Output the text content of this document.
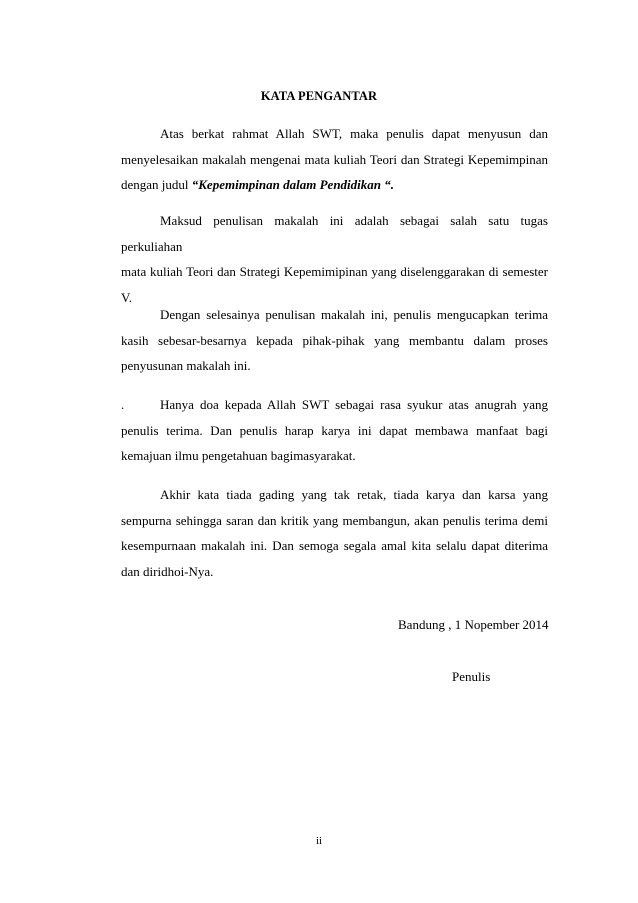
KATA PENGANTAR
Atas berkat rahmat Allah SWT, maka penulis dapat menyusun dan
menyelesaikan makalah mengenai mata kuliah Teori dan Strategi Kepemimpinan
dengan judul “Kepemimpinan dalam Pendidikan “.
Maksud penulisan makalah ini adalah sebagai salah satu tugas perkuliahan
mata kuliah Teori dan Strategi Kepemimipinan yang diselenggarakan di semester
V.
Dengan selesainya penulisan makalah ini, penulis mengucapkan terima
kasih sebesar-besarnya kepada pihak-pihak yang membantu dalam proses
penyusunan makalah ini.
.	Hanya doa kepada Allah SWT sebagai rasa syukur atas anugrah yang
penulis terima. Dan penulis harap karya ini dapat membawa manfaat bagi
kemajuan ilmu pengetahuan bagimasyarakat.
Akhir kata tiada gading yang tak retak, tiada karya dan karsa yang
sempurna sehingga saran dan kritik yang membangun, akan penulis terima demi
kesempurnaan makalah ini. Dan semoga segala amal kita selalu dapat diterima
dan diridhoi-Nya.
Bandung , 1 Nopember 2014
Penulis
ii
